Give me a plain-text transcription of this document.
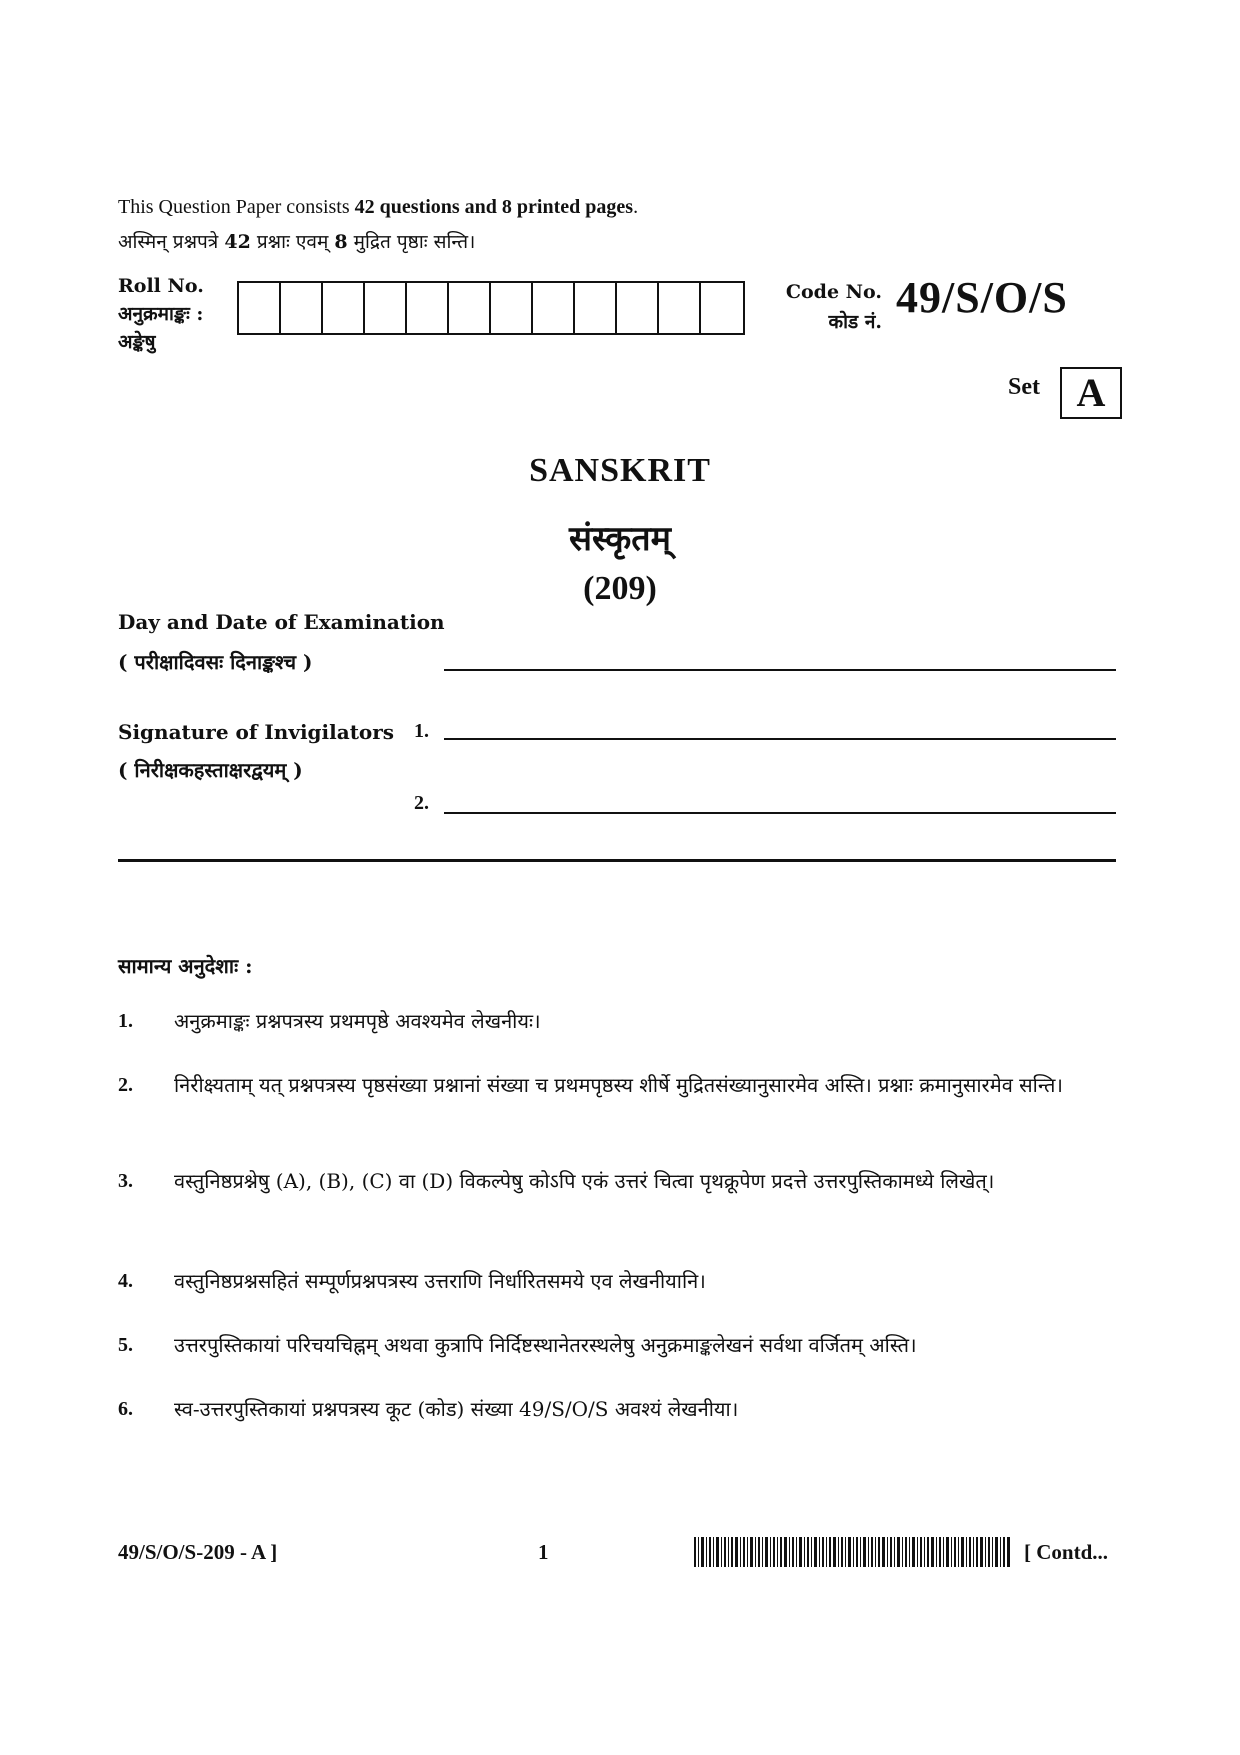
This Question Paper consists 42 questions and 8 printed pages.
अस्मिन् प्रश्नपत्रे 42 प्रश्नाः एवम् 8 मुद्रित पृष्ठाः सन्ति।
Roll No.
अनुक्रमाङ्कः :
अङ्केषु
Code No.
कोड नं. 49/S/O/S
Set A
SANSKRIT
संस्कृतम्
(209)
Day and Date of Examination
( परीक्षादिवसः दिनाङ्कश्च )
Signature of Invigilators
( निरीक्षकहस्ताक्षरद्वयम् )
1.
2.
सामान्य अनुदेशाः :
1.	अनुक्रमाङ्कः प्रश्नपत्रस्य प्रथमपृष्ठे अवश्यमेव लेखनीयः।
2.	निरीक्ष्यताम् यत् प्रश्नपत्रस्य पृष्ठसंख्या प्रश्नानां संख्या च प्रथमपृष्ठस्य शीर्षे मुद्रितसंख्यानुसारमेव अस्ति। प्रश्नाः क्रमानुसारमेव सन्ति।
3.	वस्तुनिष्ठप्रश्नेषु (A), (B), (C) वा (D) विकल्पेषु कोऽपि एकं उत्तरं चित्वा पृथक्रूपेण प्रदत्ते उत्तरपुस्तिकामध्ये लिखेत्।
4.	वस्तुनिष्ठप्रश्नसहितं सम्पूर्णप्रश्नपत्रस्य उत्तराणि निर्धारितसमये एव लेखनीयानि।
5.	उत्तरपुस्तिकायां परिचयचिह्नम् अथवा कुत्रापि निर्दिष्टस्थानेतरस्थलेषु अनुक्रमाङ्कलेखनं सर्वथा वर्जितम् अस्ति।
6.	स्व-उत्तरपुस्तिकायां प्रश्नपत्रस्य कूट (कोड) संख्या 49/S/O/S अवश्यं लेखनीया।
49/S/O/S-209 - A ]	1	[ Contd...
